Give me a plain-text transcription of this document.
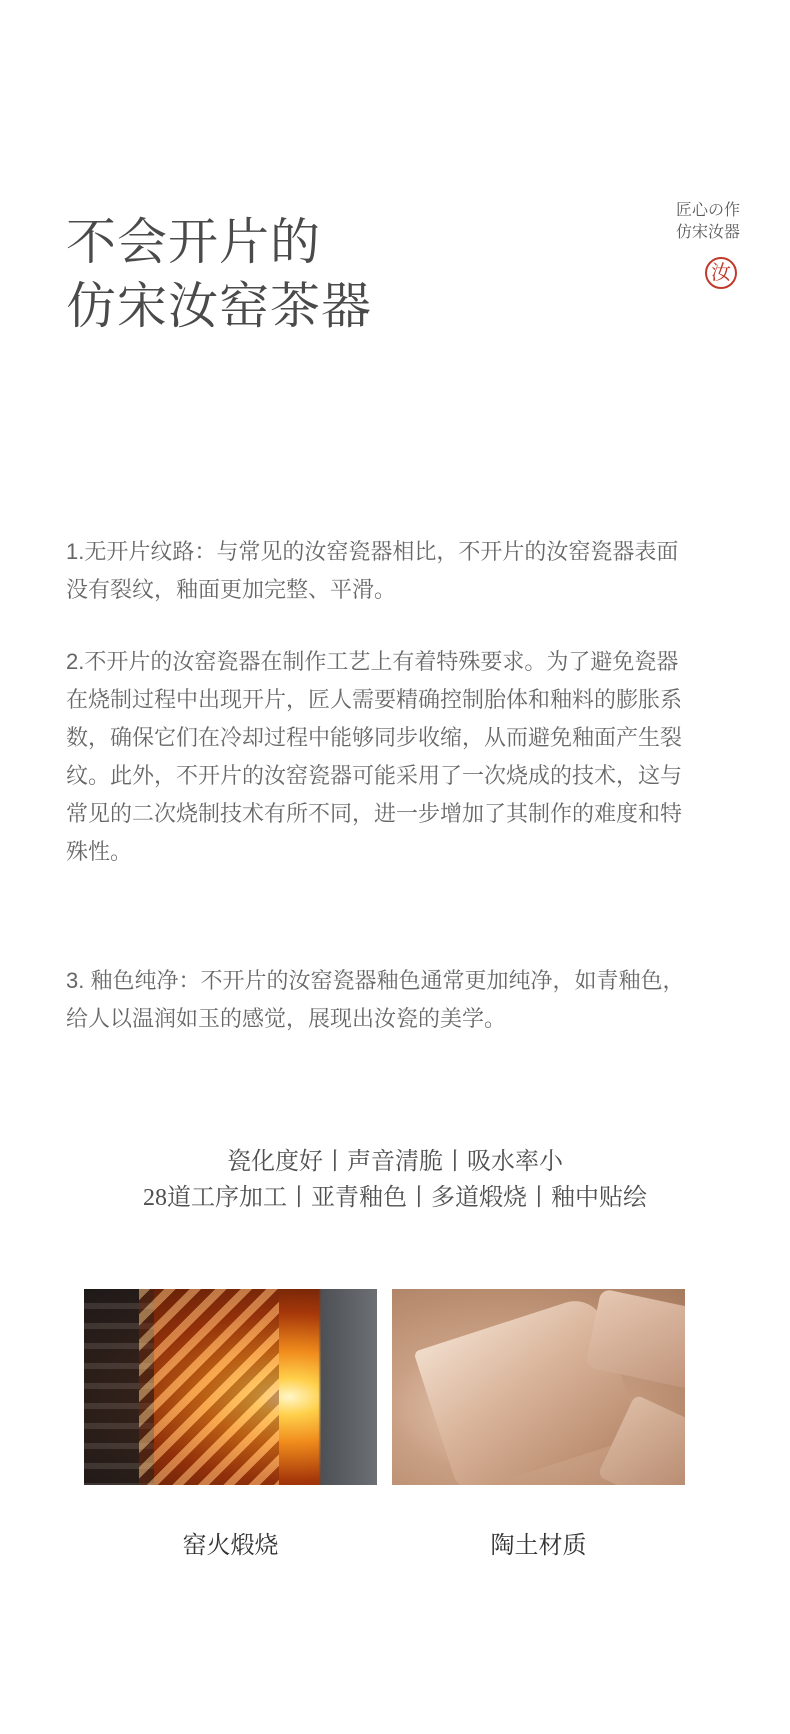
不会开片的
仿宋汝窑茶器
匠心の作
仿宋汝器
汝

1.无开片纹路：与常见的汝窑瓷器相比，不开片的汝窑瓷器表面没有裂纹，釉面更加完整、平滑。

2.不开片的汝窑瓷器在制作工艺上有着特殊要求。为了避免瓷器在烧制过程中出现开片，匠人需要精确控制胎体和釉料的膨胀系数，确保它们在冷却过程中能够同步收缩，从而避免釉面产生裂纹。此外，不开片的汝窑瓷器可能采用了一次烧成的技术，这与常见的二次烧制技术有所不同，进一步增加了其制作的难度和特殊性。

3. 釉色纯净：不开片的汝窑瓷器釉色通常更加纯净，如青釉色，给人以温润如玉的感觉，展现出汝瓷的美学。

瓷化度好丨声音清脆丨吸水率小
28道工序加工丨亚青釉色丨多道煅烧丨釉中贴绘
窑火煅烧	陶土材质
